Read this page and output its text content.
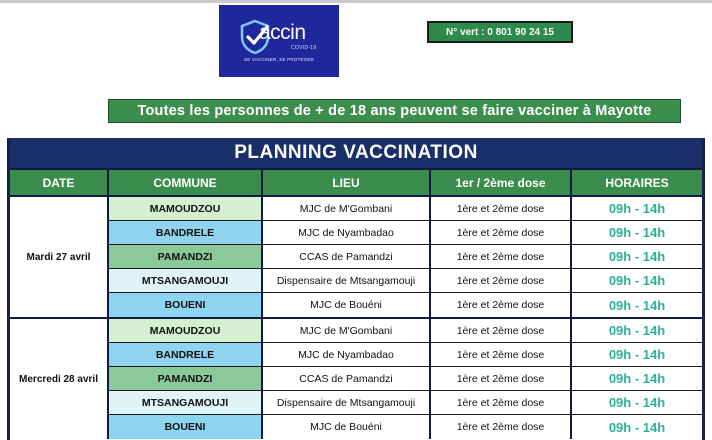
accin
COVID-19
SE VACCINER, SE PROTÉGER
N° vert : 0 801 90 24 15
Toutes les personnes de + de 18 ans peuvent se faire vacciner à Mayotte
PLANNING VACCINATION
DATE	COMMUNE	LIEU	1er / 2ème dose	HORAIRES
Mardi 27 avril
MAMOUDZOU	MJC de M'Gombani	1ère et 2ème dose	09h - 14h
BANDRELE	MJC de Nyambadao	1ère et 2ème dose	09h - 14h
PAMANDZI	CCAS de Pamandzi	1ère et 2ème dose	09h - 14h
MTSANGAMOUJI	Dispensaire de Mtsangamouji	1ère et 2ème dose	09h - 14h
BOUENI	MJC de Bouéni	1ère et 2ème dose	09h - 14h
Mercredi 28 avril
MAMOUDZOU	MJC de M'Gombani	1ère et 2ème dose	09h - 14h
BANDRELE	MJC de Nyambadao	1ère et 2ème dose	09h - 14h
PAMANDZI	CCAS de Pamandzi	1ère et 2ème dose	09h - 14h
MTSANGAMOUJI	Dispensaire de Mtsangamouji	1ère et 2ème dose	09h - 14h
BOUENI	MJC de Bouéni	1ère et 2ème dose	09h - 14h
